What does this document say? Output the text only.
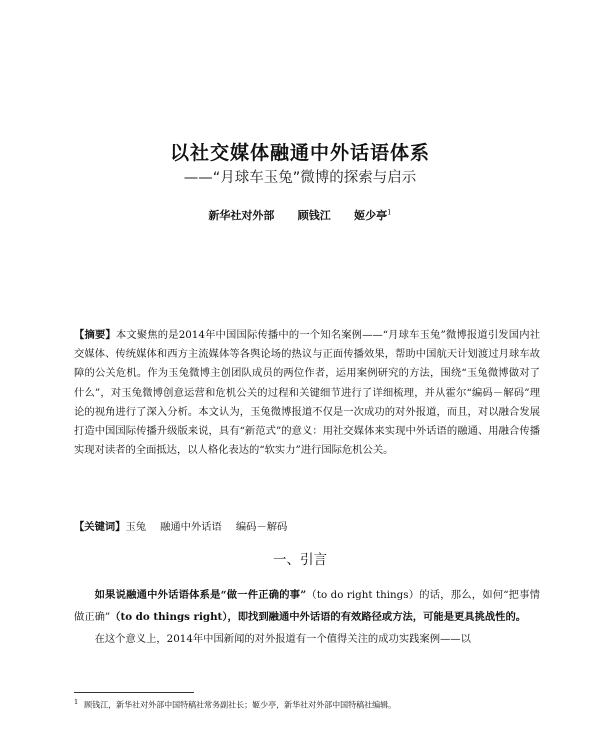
以社交媒体融通中外话语体系
——“月球车玉兔”微博的探索与启示
新华社对外部 顾钱江 姬少亭$^1$

【摘要】本文聚焦的是2014年中国国际传播中的一个知名案例——“月球车玉兔”微博报道引发国内社交媒体、传统媒体和西方主流媒体等各舆论场的热议与正面传播效果，帮助中国航天计划渡过月球车故障的公关危机。作为玉兔微博主创团队成员的两位作者，运用案例研究的方法，围绕“玉兔微博做对了什么”，对玉兔微博创意运营和危机公关的过程和关键细节进行了详细梳理，并从霍尔“编码－解码”理论的视角进行了深入分析。本文认为，玉兔微博报道不仅是一次成功的对外报道，而且，对以融合发展打造中国国际传播升级版来说，具有“新范式”的意义：用社交媒体来实现中外话语的融通、用融合传播实现对读者的全面抵达，以人格化表达的“软实力”进行国际危机公关。

【关键词】玉兔 融通中外话语 编码－解码

一、引言

如果说融通中外话语体系是“做一件正确的事”（to do right things）的话，那么，如何“把事情做正确”（to do things right），即找到融通中外话语的有效路径或方法，可能是更具挑战性的。

在这个意义上，2014年中国新闻的对外报道有一个值得关注的成功实践案例——以

$^1$ 顾钱江，新华社对外部中国特稿社常务副社长；姬少亭，新华社对外部中国特稿社编辑。
